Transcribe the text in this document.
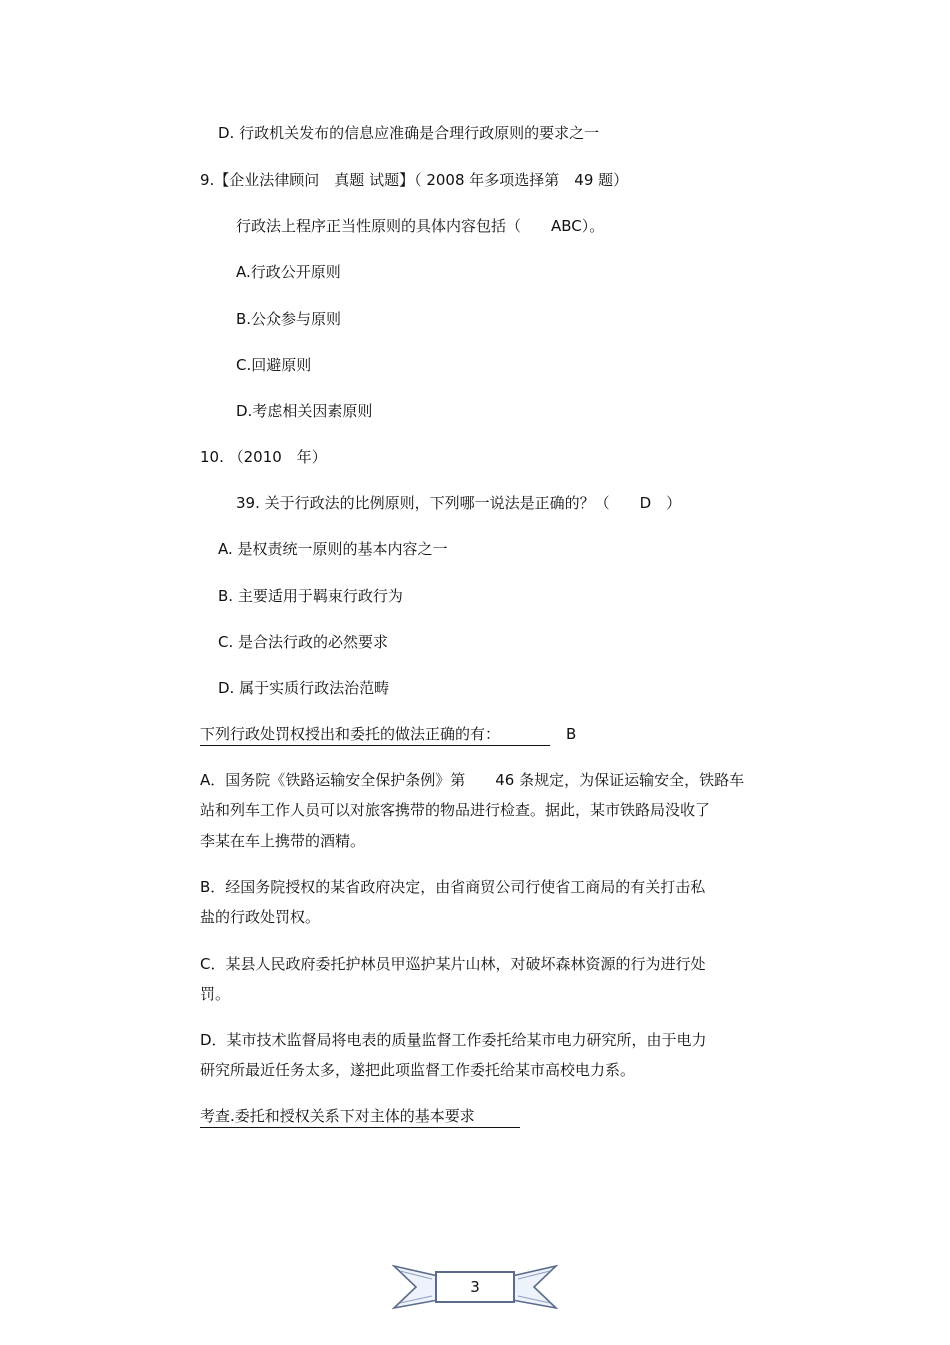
D. 行政机关发布的信息应准确是合理行政原则的要求之一
9.【企业法律顾问　真题 试题】（ 2008 年多项选择第　49 题）
行政法上程序正当性原则的具体内容包括（　　ABC）。
A.行政公开原则
B.公众参与原则
C.回避原则
D.考虑相关因素原则
10. （2010　年）
39. 关于行政法的比例原则，下列哪一说法是正确的？（　　D　）
A. 是权责统一原则的基本内容之一
B. 主要适用于羁束行政行为
C. 是合法行政的必然要求
D. 属于实质行政法治范畴
下列行政处罚权授出和委托的做法正确的有：　	B
A．国务院《铁路运输安全保护条例》第　　46 条规定，为保证运输安全，铁路车
站和列车工作人员可以对旅客携带的物品进行检查。据此，某市铁路局没收了
李某在车上携带的酒精。
B．经国务院授权的某省政府决定，由省商贸公司行使省工商局的有关打击私
盐的行政处罚权。
C．某县人民政府委托护林员甲巡护某片山林，对破坏森林资源的行为进行处
罚。
D．某市技术监督局将电表的质量监督工作委托给某市电力研究所，由于电力
研究所最近任务太多，遂把此项监督工作委托给某市高校电力系。
考查.委托和授权关系下对主体的基本要求　
3
